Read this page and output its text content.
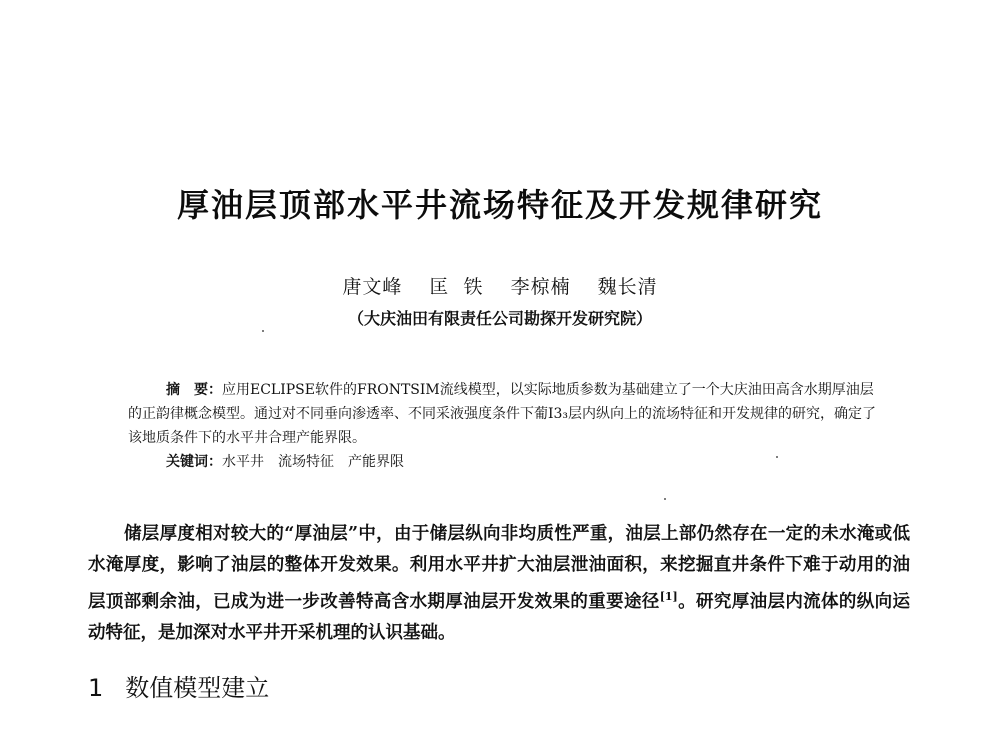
厚油层顶部水平井流场特征及开发规律研究
唐文峰 匡  铁 李椋楠 魏长清
（大庆油田有限责任公司勘探开发研究院）

摘　要：应用ECLIPSE软件的FRONTSIM流线模型，以实际地质参数为基础建立了一个大庆油田高含水期厚油层的正韵律概念模型。通过对不同垂向渗透率、不同采液强度条件下葡Ⅰ3₃层内纵向上的流场特征和开发规律的研究，确定了该地质条件下的水平井合理产能界限。

关键词：水平井　流场特征　产能界限

储层厚度相对较大的“厚油层”中，由于储层纵向非均质性严重，油层上部仍然存在一定的未水淹或低水淹厚度，影响了油层的整体开发效果。利用水平井扩大油层泄油面积，来挖掘直井条件下难于动用的油层顶部剩余油，已成为进一步改善特高含水期厚油层开发效果的重要途径[1]。研究厚油层内流体的纵向运动特征，是加深对水平井开采机理的认识基础。

1 数值模型建立
